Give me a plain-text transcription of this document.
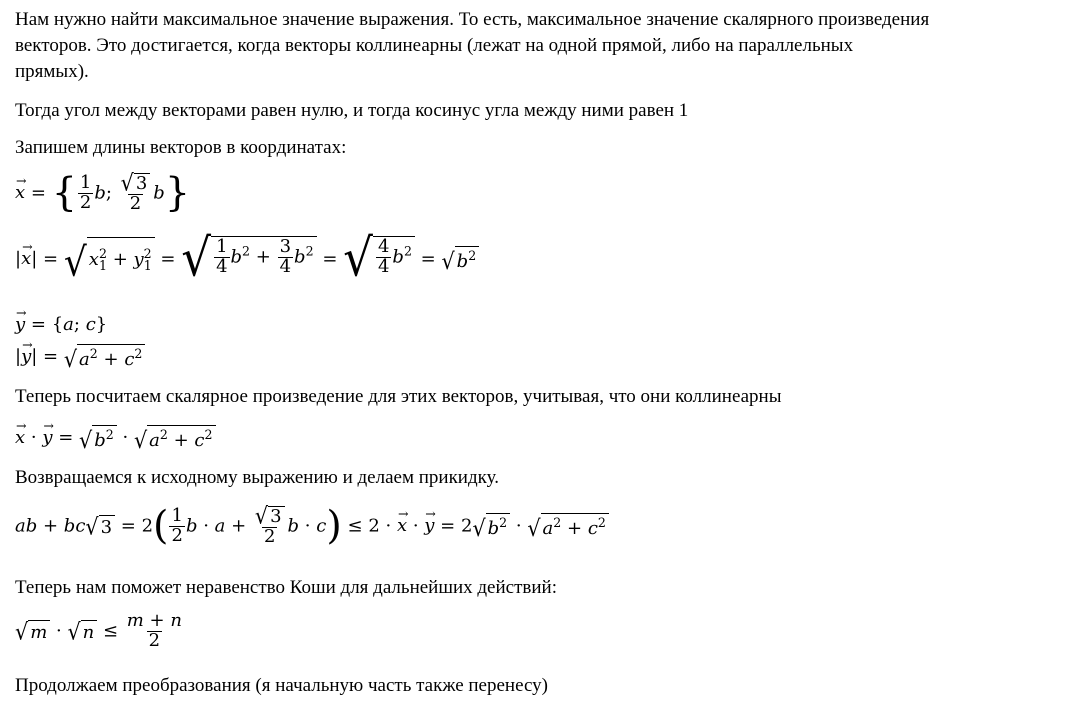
Нам нужно найти максимальное значение выражения. То есть, максимальное значение скалярного произведения
векторов. Это достигается, когда векторы коллинеарны (лежат на одной прямой, либо на параллельных
прямых).
Тогда угол между векторами равен нулю, и тогда косинус угла между ними равен 1
Запишем длины векторов в координатах:
→ x = { $\frac{1}{2} b$; $\frac{√ 3}{2} b$}
|→ x| = √ $x^2_1 + y^2_1$ = √ $\frac{1}{4} b^2 + \frac{3}{4} b^2$ = √ $\frac{4}{4} b^2$ = √ $b^2$
→ y = {a; c}
|→ y| = √ $a^2 + c^2$
Теперь посчитаем скалярное произведение для этих векторов, учитывая, что они коллинеарны
→ x · → y = √ $b^2$ · √ $a^2 + c^2$
Возвращаемся к исходному выражению и делаем прикидку.
ab + bc √ $3 = 2( \frac{1}{2}$ $b \cdot a + \frac{√ 3}{2}$ b · c) ≤ 2 · → x · → y = 2 √ $b^2$ · √ $a^2 + c^2$
Теперь нам поможет неравенство Коши для дальнейших действий:
√ m · √ $n \le \frac{m + n}{2}$
Продолжаем преобразования (я начальную часть также перенесу)
